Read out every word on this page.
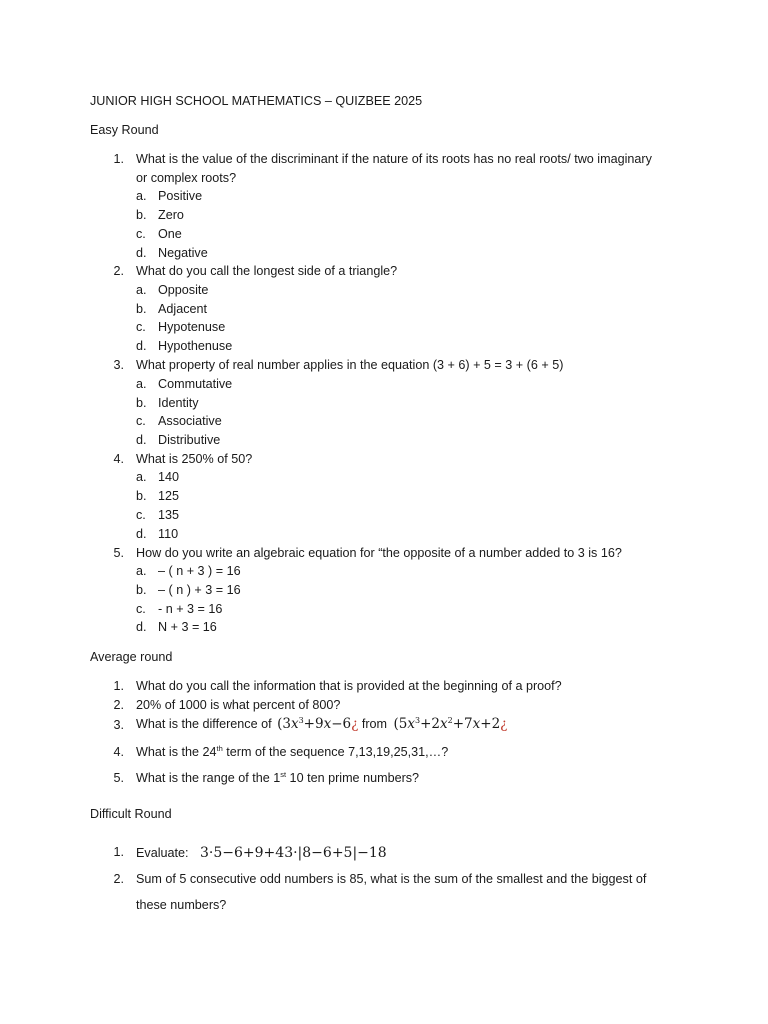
JUNIOR HIGH SCHOOL MATHEMATICS – QUIZBEE 2025
Easy Round
1. What is the value of the discriminant if the nature of its roots has no real roots/ two imaginary
or complex roots?
a. Positive
b. Zero
c. One
d. Negative
2. What do you call the longest side of a triangle?
a. Opposite
b. Adjacent
c. Hypotenuse
d. Hypothenuse
3. What property of real number applies in the equation (3 + 6) + 5 = 3 + (6 + 5)
a. Commutative
b. Identity
c. Associative
d. Distributive
4. What is 250% of 50?
a. 140
b. 125
c. 135
d. 110
5. How do you write an algebraic equation for “the opposite of a number added to 3 is 16?
a. – ( n + 3 ) = 16
b. – ( n ) + 3 = 16
c. - n + 3 = 16
d. N + 3 = 16
Average round
1. What do you call the information that is provided at the beginning of a proof?
2. 20% of 1000 is what percent of 800?
3. What is the difference of ($3x^3+9x-6¿$ from ($5x^3+2x^2+7x+2¿$
4. What is the 24th term of the sequence 7,13,19,25,31,…?
5. What is the range of the 1st 10 ten prime numbers?
Difficult Round
1. Evaluate: 3·5−6+9+43·|8−6+5|−18
2. Sum of 5 consecutive odd numbers is 85, what is the sum of the smallest and the biggest of
these numbers?
